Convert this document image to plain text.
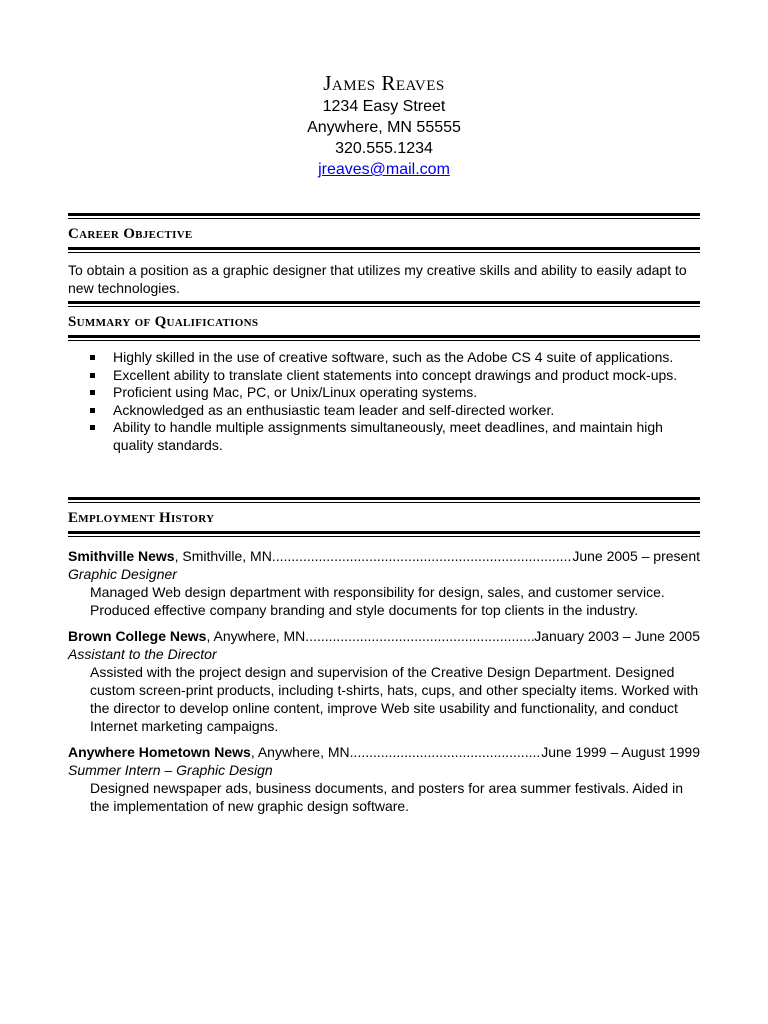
James Reaves
1234 Easy Street
Anywhere, MN 55555
320.555.1234
jreaves@mail.com
Career Objective
To obtain a position as a graphic designer that utilizes my creative skills and ability to easily adapt to new technologies.
Summary of Qualifications
Highly skilled in the use of creative software, such as the Adobe CS 4 suite of applications.
Excellent ability to translate client statements into concept drawings and product mock-ups.
Proficient using Mac, PC, or Unix/Linux operating systems.
Acknowledged as an enthusiastic team leader and self-directed worker.
Ability to handle multiple assignments simultaneously, meet deadlines, and maintain high quality standards.
Employment History
Smithville News , Smithville, MN .....	June 2005 – present
Graphic Designer
Managed Web design department with responsibility for design, sales, and customer service. Produced effective company branding and style documents for top clients in the industry.
Brown College News , Anywhere, MN .....	January 2003 – June 2005
Assistant to the Director
Assisted with the project design and supervision of the Creative Design Department. Designed custom screen-print products, including t-shirts, hats, cups, and other specialty items. Worked with the director to develop online content, improve Web site usability and functionality, and conduct Internet marketing campaigns.
Anywhere Hometown News , Anywhere, MN .....	June 1999 – August 1999
Summer Intern – Graphic Design
Designed newspaper ads, business documents, and posters for area summer festivals. Aided in the implementation of new graphic design software.
